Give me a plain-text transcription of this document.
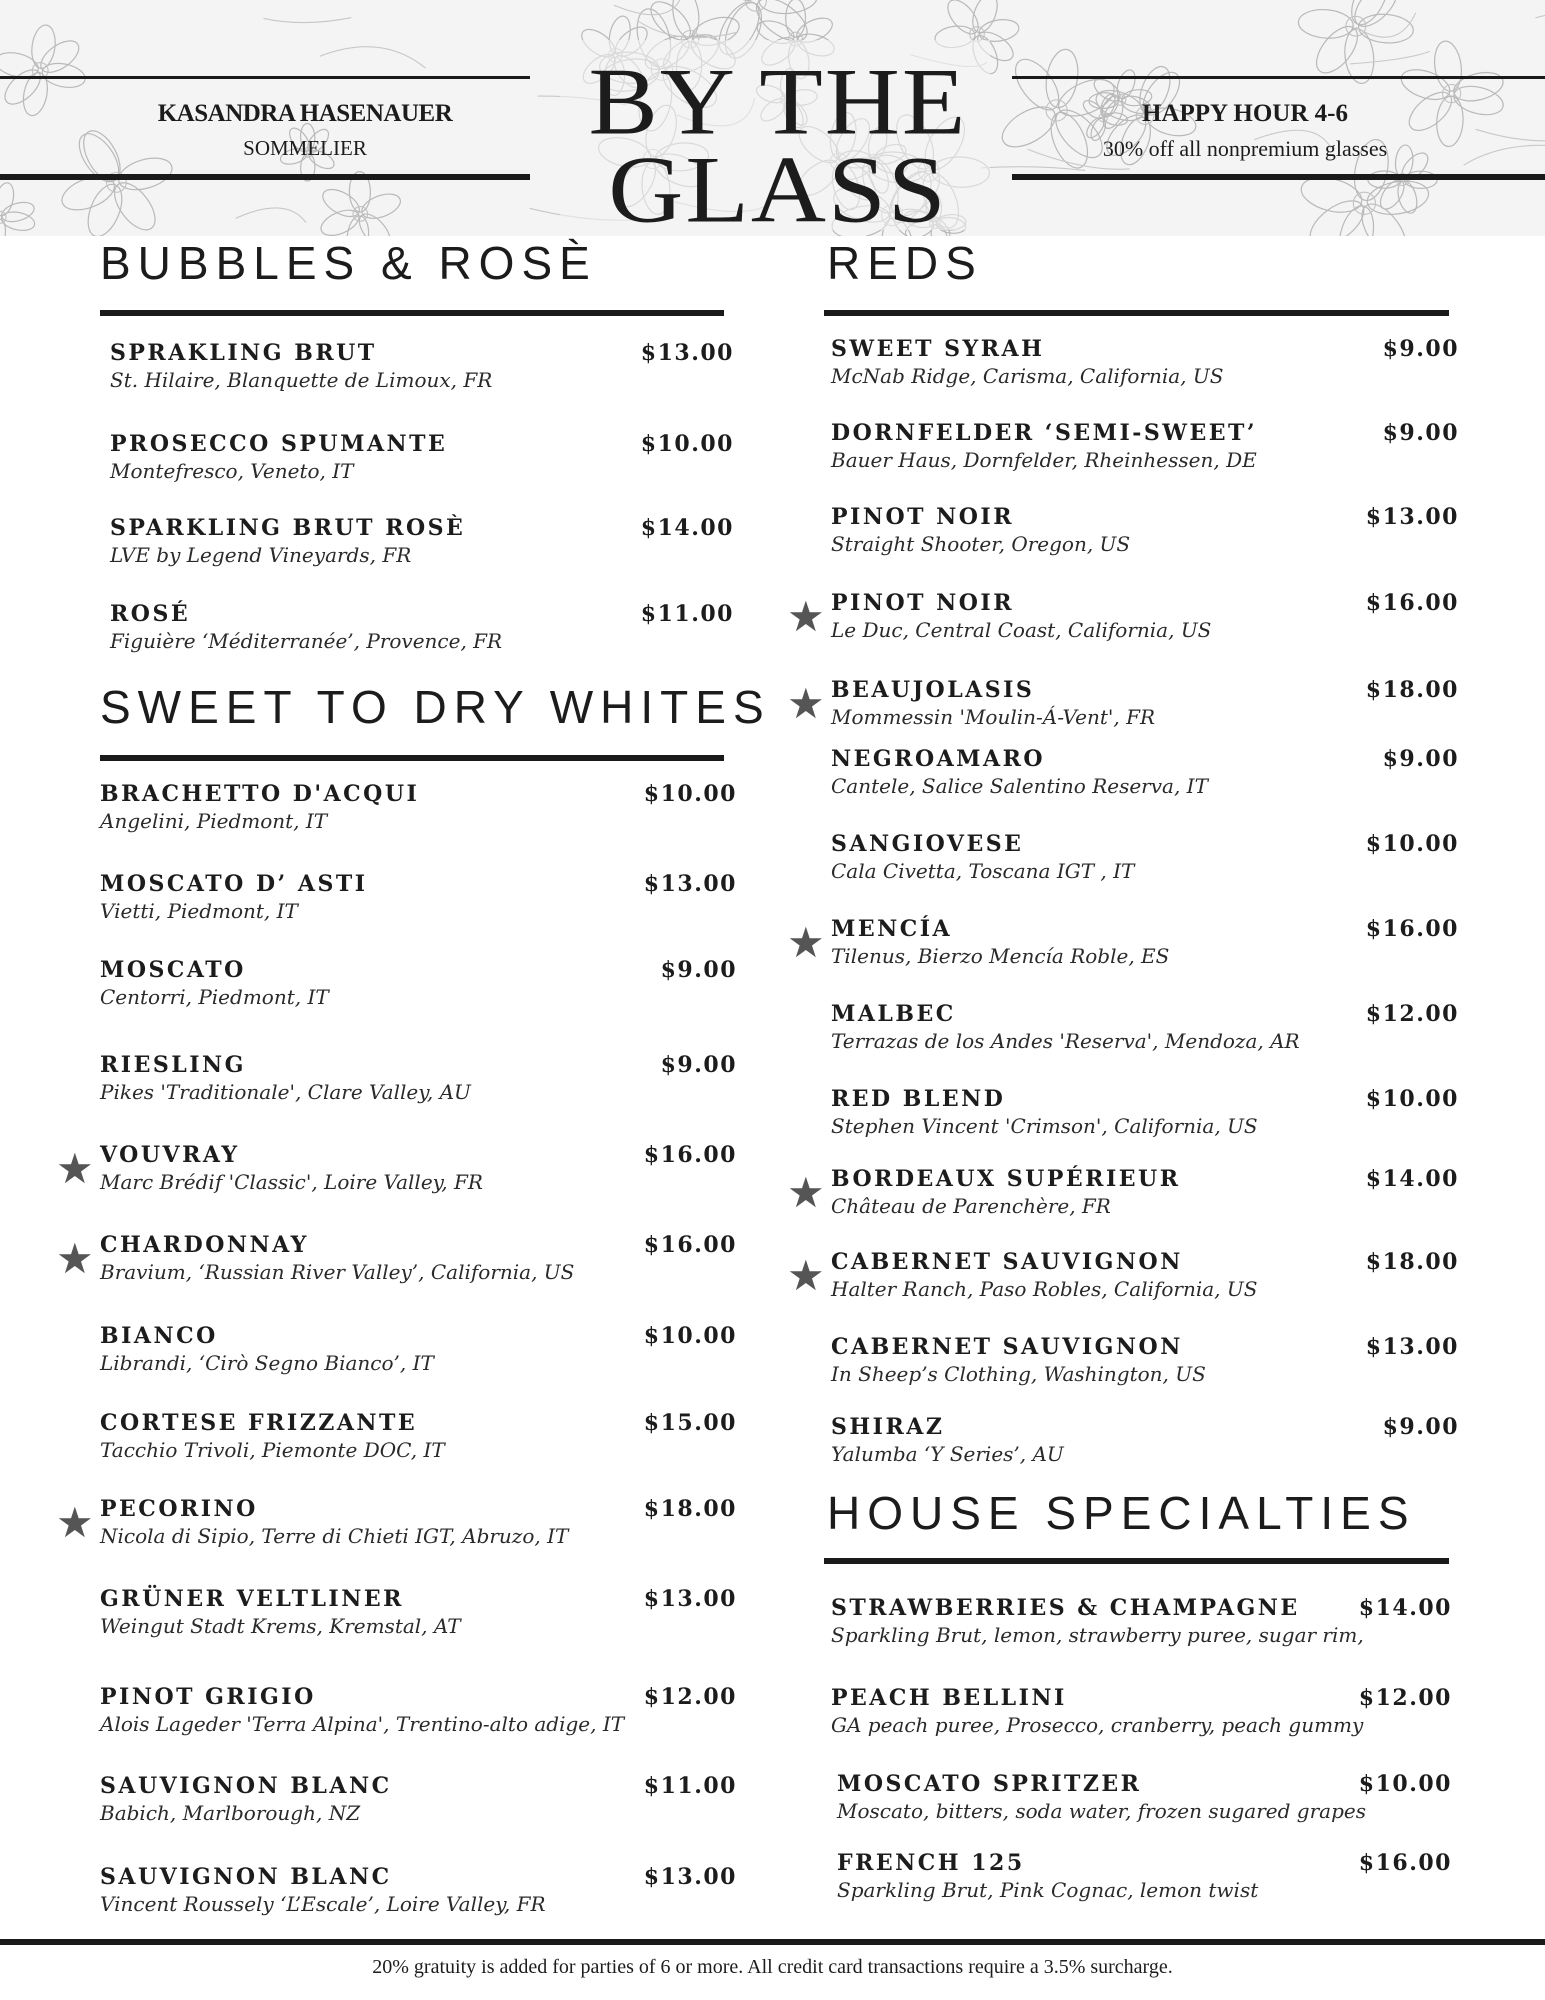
KASANDRA HASENAUER
SOMMELIER	BY THE
GLASS
HAPPY HOUR 4-6
30% off all nonpremium glasses
BUBBLES & ROSÈ	REDS
SWEET TO DRY WHITES
HOUSE SPECIALTIES
SPRAKLING BRUT
St. Hilaire, Blanquette de Limoux, FR
$13.00
PROSECCO SPUMANTE
Montefresco, Veneto, IT
$10.00
SPARKLING BRUT ROSÈ
LVE by Legend Vineyards, FR
$14.00
ROSÉ
Figuière ‘Méditerranée’, Provence, FR
$11.00
BRACHETTO D'ACQUI
Angelini, Piedmont, IT
$10.00
MOSCATO D’ ASTI
Vietti, Piedmont, IT
$13.00
MOSCATO
Centorri, Piedmont, IT
$9.00
RIESLING
Pikes 'Traditionale', Clare Valley, AU
$9.00
VOUVRAY
Marc Brédif 'Classic', Loire Valley, FR
$16.00
★
CHARDONNAY
Bravium, ‘Russian River Valley’, California, US
$16.00
★
BIANCO
Librandi, ‘Cirò Segno Bianco’, IT
$10.00
CORTESE FRIZZANTE
Tacchio Trivoli, Piemonte DOC, IT
$15.00
PECORINO
Nicola di Sipio, Terre di Chieti IGT, Abruzo, IT
$18.00
★
GRÜNER VELTLINER
Weingut Stadt Krems, Kremstal, AT
$13.00
PINOT GRIGIO
Alois Lageder 'Terra Alpina', Trentino-alto adige, IT
$12.00
SAUVIGNON BLANC
Babich, Marlborough, NZ
$11.00
SAUVIGNON BLANC
Vincent Roussely ‘L’Escale’, Loire Valley, FR
$13.00
SWEET SYRAH
McNab Ridge, Carisma, California, US
$9.00
DORNFELDER ‘SEMI-SWEET’
Bauer Haus, Dornfelder, Rheinhessen, DE
$9.00
PINOT NOIR
Straight Shooter, Oregon, US
$13.00
PINOT NOIR
Le Duc, Central Coast, California, US
$16.00
★
BEAUJOLASIS
Mommessin 'Moulin-Á-Vent', FR
$18.00
★
NEGROAMARO
Cantele, Salice Salentino Reserva, IT
$9.00
SANGIOVESE
Cala Civetta, Toscana IGT , IT
$10.00
MENCÍA
Tilenus, Bierzo Mencía Roble, ES
$16.00
★
MALBEC
Terrazas de los Andes 'Reserva', Mendoza, AR
$12.00
RED BLEND
Stephen Vincent 'Crimson', California, US
$10.00
BORDEAUX SUPÉRIEUR
Château de Parenchère, FR
$14.00
★
CABERNET SAUVIGNON
Halter Ranch, Paso Robles, California, US
$18.00
★
CABERNET SAUVIGNON
In Sheep’s Clothing, Washington, US
$13.00
SHIRAZ
Yalumba ‘Y Series’, AU
$9.00
STRAWBERRIES & CHAMPAGNE
Sparkling Brut, lemon, strawberry puree, sugar rim,
$14.00
PEACH BELLINI
GA peach puree, Prosecco, cranberry, peach gummy
$12.00
MOSCATO SPRITZER
Moscato, bitters, soda water, frozen sugared grapes
$10.00
FRENCH 125
Sparkling Brut, Pink Cognac, lemon twist
$16.00
20% gratuity is added for parties of 6 or more. All credit card transactions require a 3.5% surcharge.
